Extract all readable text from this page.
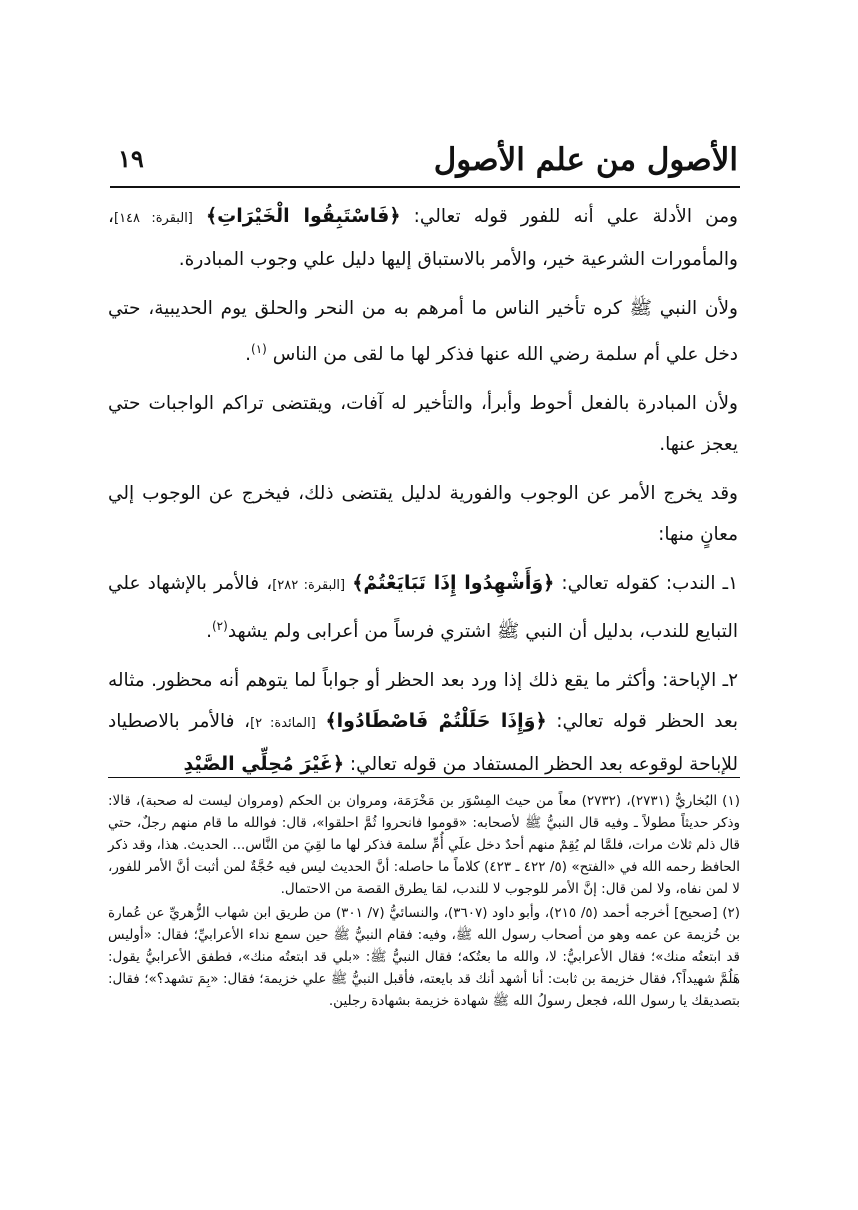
الأصول من علم الأصول
١٩

ومن الأدلة علي أنه للفور قوله تعالي: ﴿فَاسْتَبِقُوا الْخَيْرَاتِ﴾ [البقرة: ١٤٨]، والمأمورات الشرعية خير، والأمر بالاستباق إليها دليل علي وجوب المبادرة.

ولأن النبي ﷺ كره تأخير الناس ما أمرهم به من النحر والحلق يوم الحديبية، حتي دخل علي أم سلمة رضي الله عنها فذكر لها ما لقى من الناس $^{(١)}$.

ولأن المبادرة بالفعل أحوط وأبرأ، والتأخير له آفات، ويقتضى تراكم الواجبات حتي يعجز عنها.

وقد يخرج الأمر عن الوجوب والفورية لدليل يقتضى ذلك، فيخرج عن الوجوب إلي معانٍ منها:

١ـ الندب: كقوله تعالي: ﴿وَأَشْهِدُوا إِذَا تَبَايَعْتُمْ﴾ [البقرة: ٢٨٢]، فالأمر بالإشهاد علي التبايع للندب، بدليل أن النبي ﷺ اشتري فرساً من أعرابى ولم يشهد$^{(٢)}$.

٢ـ الإباحة: وأكثر ما يقع ذلك إذا ورد بعد الحظر أو جواباً لما يتوهم أنه محظور. مثاله بعد الحظر قوله تعالي: ﴿وَإِذَا حَلَلْتُمْ فَاصْطَادُوا﴾ [المائدة: ٢]، فالأمر بالاصطياد للإباحة لوقوعه بعد الحظر المستفاد من قوله تعالي: ﴿غَيْرَ مُحِلِّي الصَّيْدِ

(١) البُخاريُّ (٢٧٣١)، (٢٧٣٢) معاً من حيث المِسْوَر بن مَخْرَمَة، ومروان بن الحكم (ومروان ليست له صحبة)، قالا: وذكر حديثاً مطولاً ـ وفيه قال النبيُّ ﷺ لأصحابه: «قوموا فانحروا ثُمَّ احلقوا»، قال: فوالله ما قام منهم رجلٌ، حتي قال ذلم ثلاث مرات، فلمَّا لم يُقِمْ منهم أحدٌ دخل علَي أُمِّ سلمة فذكر لها ما لقِيَ من النَّاس... الحديث. هذا، وقد ذكر الحافظ رحمه الله في «الفتح» (٥/ ٤٢٢ ـ ٤٢٣) كلاماً ما حاصله: أنَّ الحديث ليس فيه حُجَّةٌ لمن أثبت أنَّ الأمر للفور، لا لمن نفاه، ولا لمن قال: إنَّ الأمر للوجوب لا للندب، لمَا يطرق القصة من الاحتمال.

(٢) [صحيح] أخرجه أحمد (٥/ ٢١٥)، وأبو داود (٣٦٠٧)، والنسائيُّ (٧/ ٣٠١) من طريق ابن شهاب الزُّهريِّ عن عُمارة بن خُزيمة عن عمه وهو من أصحاب رسول الله ﷺ، وفيه: فقام النبيُّ ﷺ حين سمع نداء الأعرابيِّ؛ فقال: «أوليس قد ابتعتُه منك»؛ فقال الأعرابيُّ: لا، والله ما بعتُكه؛ فقال النبيُّ ﷺ: «بلي قد ابتعتُه منك»، فطفق الأعرابيُّ يقول: هَلُمَّ شهيداً؟، فقال خزيمة بن ثابت: أنا أشهد أنك قد بايعته، فأقبل النبيُّ ﷺ علي خزيمة؛ فقال: «بِمَ تشهد؟»؛ فقال: بتصديقك يا رسول الله، فجعل رسولُ الله ﷺ شهادة خزيمة بشهادة رجلين.
